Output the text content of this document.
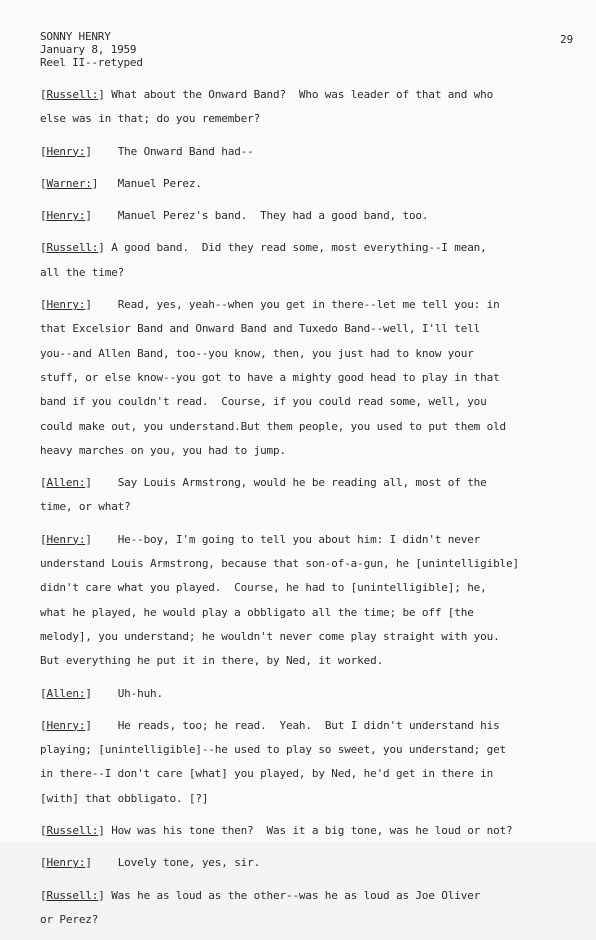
SONNY HENRY
January 8, 1959
Reel II--retyped
29
[Russell:] What about the Onward Band?  Who was leader of that and who
else was in that; do you remember?
[Henry:]    The Onward Band had--
[Warner:]   Manuel Perez.
[Henry:]    Manuel Perez's band.  They had a good band, too.
[Russell:] A good band.  Did they read some, most everything--I mean,
all the time?
[Henry:]    Read, yes, yeah--when you get in there--let me tell you: in
that Excelsior Band and Onward Band and Tuxedo Band--well, I'll tell
you--and Allen Band, too--you know, then, you just had to know your
stuff, or else know--you got to have a mighty good head to play in that
band if you couldn't read.  Course, if you could read some, well, you
could make out, you understand.But them people, you used to put them old
heavy marches on you, you had to jump.
[Allen:]    Say Louis Armstrong, would he be reading all, most of the
time, or what?
[Henry:]    He--boy, I'm going to tell you about him: I didn't never
understand Louis Armstrong, because that son-of-a-gun, he [unintelligible]
didn't care what you played.  Course, he had to [unintelligible]; he,
what he played, he would play a obbligato all the time; be off [the
melody], you understand; he wouldn't never come play straight with you.
But everything he put it in there, by Ned, it worked.
[Allen:]    Uh-huh.
[Henry:]    He reads, too; he read.  Yeah.  But I didn't understand his
playing; [unintelligible]--he used to play so sweet, you understand; get
in there--I don't care [what] you played, by Ned, he'd get in there in
[with] that obbligato. [?]
[Russell:] How was his tone then?  Was it a big tone, was he loud or not?
[Henry:]    Lovely tone, yes, sir.
[Russell:] Was he as loud as the other--was he as loud as Joe Oliver
or Perez?
